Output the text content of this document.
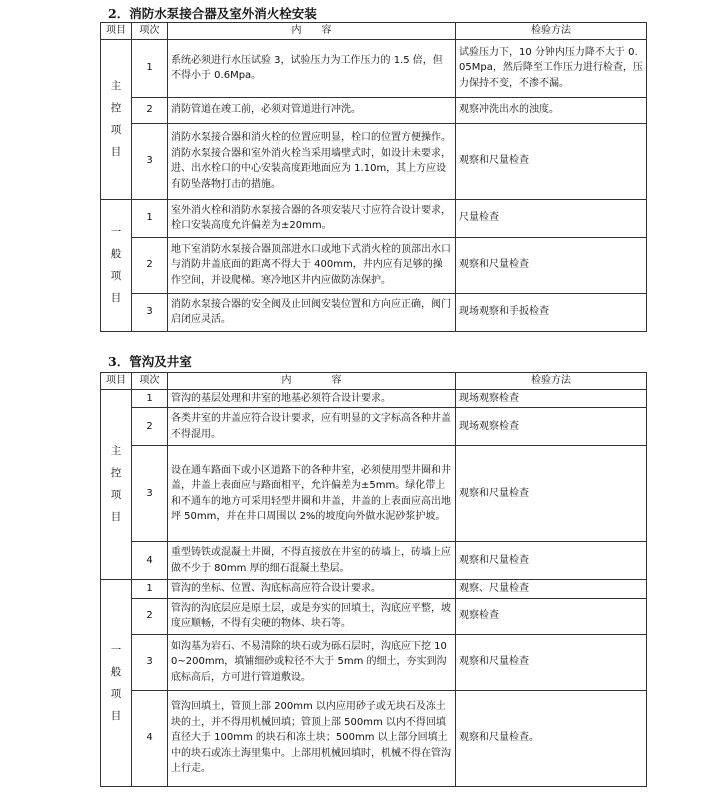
2．消防水泵接合器及室外消火栓安装
项目	项次	内　　容	检验方法

主控项目	1	系统必须进行水压试验 3，试验压力为工作压力的 1.5 倍，但不得小于 0.6Mpa。	试验压力下，10 分钟内压力降不大于 0.05Mpa，然后降至工作压力进行检查，压力保持不变，不渗不漏。
	2	消防管道在竣工前，必须对管道进行冲洗。	观察冲洗出水的浊度。
	3	消防水泵接合器和消火栓的位置应明显，栓口的位置方便操作。消防水泵接合器和室外消火栓当采用墙壁式时，如设计未要求，进、出水栓口的中心安装高度距地面应为 1.10m，其上方应设有防坠落物打击的措施。	观察和尺量检查

一般项目	1	室外消火栓和消防水泵接合器的各项安装尺寸应符合设计要求，栓口安装高度允许偏差为±20mm。	尺量检查
	2	地下室消防水泵接合器顶部进水口或地下式消火栓的顶部出水口与消防井盖底面的距离不得大于 400mm，井内应有足够的操作空间，并设爬梯。寒冷地区井内应做防冻保护。	观察和尺量检查
	3	消防水泵接合器的安全阀及止回阀安装位置和方向应正确，阀门启闭应灵活。	现场观察和手扳检查
3．管沟及井室
项目	项次	内　　　　容	检验方法

主控项目	1	管沟的基层处理和井室的地基必须符合设计要求。	现场观察检查
	2	各类井室的井盖应符合设计要求，应有明显的文字标高各种井盖不得混用。	现场观察检查
	3	设在通车路面下或小区道路下的各种井室，必须使用型井圈和井盖，井盖上表面应与路面相平，允许偏差为±5mm。绿化带上和不通车的地方可采用轻型井圈和井盖，井盖的上表面应高出地坪 50mm，并在井口周围以 2%的坡度向外做水泥砂浆护坡。	观察和尺量检查
	4	重型铸铁或混凝土井圈，不得直接放在井室的砖墙上，砖墙上应做不少于 80mm 厚的细石混凝土垫层。	观察和尺量检查

一般项目	1	管沟的坐标、位置、沟底标高应符合设计要求。	观察、尺量检查
	2	管沟的沟底层应是原土层，或是夯实的回填土，沟底应平整，坡度应顺畅，不得有尖硬的物体、块石等。	观察检查
	3	如沟基为岩石、不易清除的块石或为砾石层时，沟底应下挖 100~200mm，填铺细砂或粒径不大于 5mm 的细土，夯实到沟底标高后，方可进行管道敷设。	观察和尺量检查
	4	管沟回填土，管顶上部 200mm 以内应用砂子或无块石及冻土块的土，并不得用机械回填；管顶上部 500mm 以内不得回填直径大于 100mm 的块石和冻土块；500mm 以上部分回填土中的块石或冻土海里集中。上部用机械回填时，机械不得在管沟上行走。	观察和尺量检查。
